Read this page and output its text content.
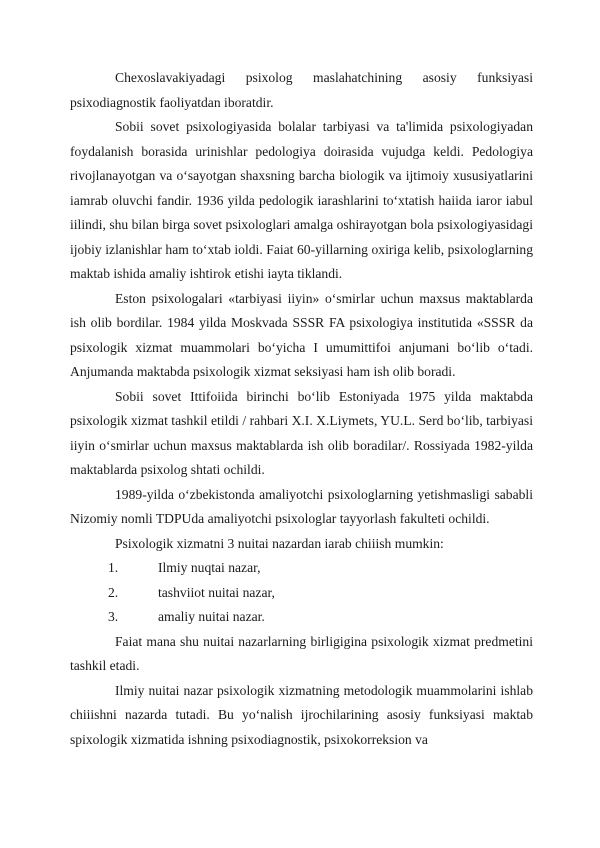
Chexoslavakiyadagi psixolog maslahatchining asosiy funksiyasi psixodiagnostik faoliyatdan iboratdir.

Sobii sovet psixologiyasida bolalar tarbiyasi va ta'limida psixologiyadan foydalanish borasida urinishlar pedologiya doirasida vujudga keldi. Pedologiya rivojlanayotgan va o‘sayotgan shaxsning barcha biologik va ijtimoiy xususiyatlarini iamrab oluvchi fandir. 1936 yilda pedologik iarashlarini to‘xtatish haiida iaror iabul iilindi, shu bilan birga sovet psixologlari amalga oshirayotgan bola psixologiyasidagi ijobiy izlanishlar ham to‘xtab ioldi. Faiat 60-yillarning oxiriga kelib, psixologlarning maktab ishida amaliy ishtirok etishi iayta tiklandi.

Eston psixologalari «tarbiyasi iiyin» o‘smirlar uchun maxsus maktablarda ish olib bordilar. 1984 yilda Moskvada SSSR FA psixologiya institutida «SSSR da psixologik xizmat muammolari bo‘yicha I umumittifoi anjumani bo‘lib o‘tadi. Anjumanda maktabda psixologik xizmat seksiyasi ham ish olib boradi.

Sobii sovet Ittifoiida birinchi bo‘lib Estoniyada 1975 yilda maktabda psixologik xizmat tashkil etildi / rahbari X.I. X.Liymets, YU.L. Serd bo‘lib, tarbiyasi iiyin o‘smirlar uchun maxsus maktablarda ish olib boradilar/. Rossiyada 1982-yilda maktablarda psixolog shtati ochildi.

1989-yilda o‘zbekistonda amaliyotchi psixologlarning yetishmasligi sababli Nizomiy nomli TDPUda amaliyotchi psixologlar tayyorlash fakulteti ochildi.

Psixologik xizmatni 3 nuitai nazardan iarab chiiish mumkin:

1.	Ilmiy nuqtai nazar,
2.	tashviiot nuitai nazar,
3.	amaliy nuitai nazar.

Faiat mana shu nuitai nazarlarning birligigina psixologik xizmat predmetini tashkil etadi.

Ilmiy nuitai nazar psixologik xizmatning metodologik muammolarini ishlab chiiishni nazarda tutadi. Bu yo‘nalish ijrochilarining asosiy funksiyasi maktab spixologik xizmatida ishning psixodiagnostik, psixokorreksion va
